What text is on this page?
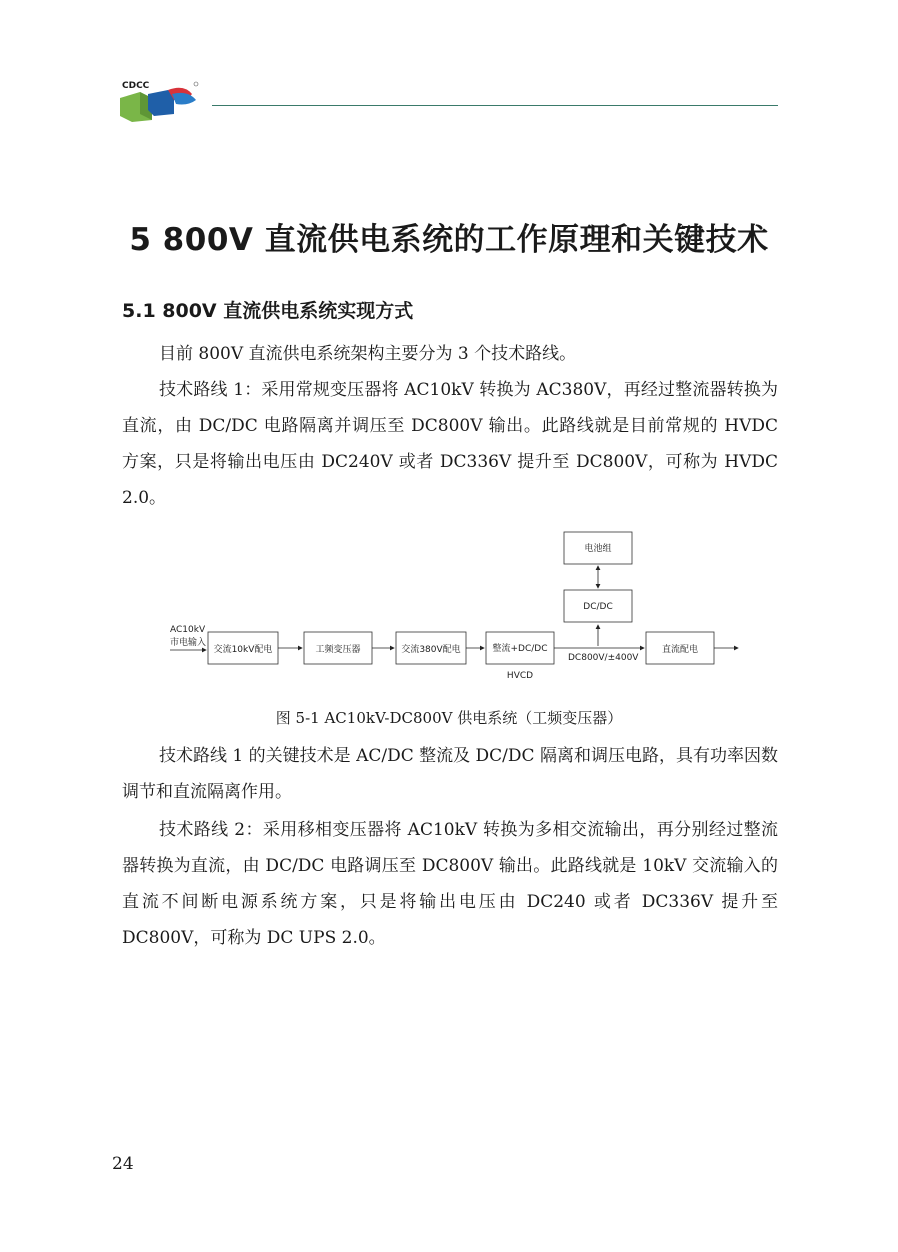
CDCC
5 800V 直流供电系统的工作原理和关键技术
5.1 800V 直流供电系统实现方式

目前 800V 直流供电系统架构主要分为 3 个技术路线。

技术路线 1：采用常规变压器将 AC10kV 转换为 AC380V，再经过整流器转换为直流，由 DC/DC 电路隔离并调压至 DC800V 输出。此路线就是目前常规的 HVDC 方案，只是将输出电压由 DC240V 或者 DC336V 提升至 DC800V，可称为 HVDC 2.0。

AC10kV
市电输入
交流10kV配电	工频变压器	交流380V配电	整流+DC/DC
HVCD
DC800V/±400V
直流配电
DC/DC
电池组

图 5-1 AC10kV-DC800V 供电系统（工频变压器）

技术路线 1 的关键技术是 AC/DC 整流及 DC/DC 隔离和调压电路，具有功率因数调节和直流隔离作用。

技术路线 2：采用移相变压器将 AC10kV 转换为多相交流输出，再分别经过整流器转换为直流，由 DC/DC 电路调压至 DC800V 输出。此路线就是 10kV 交流输入的直流不间断电源系统方案，只是将输出电压由 DC240 或者 DC336V 提升至 DC800V，可称为 DC UPS 2.0。

24
